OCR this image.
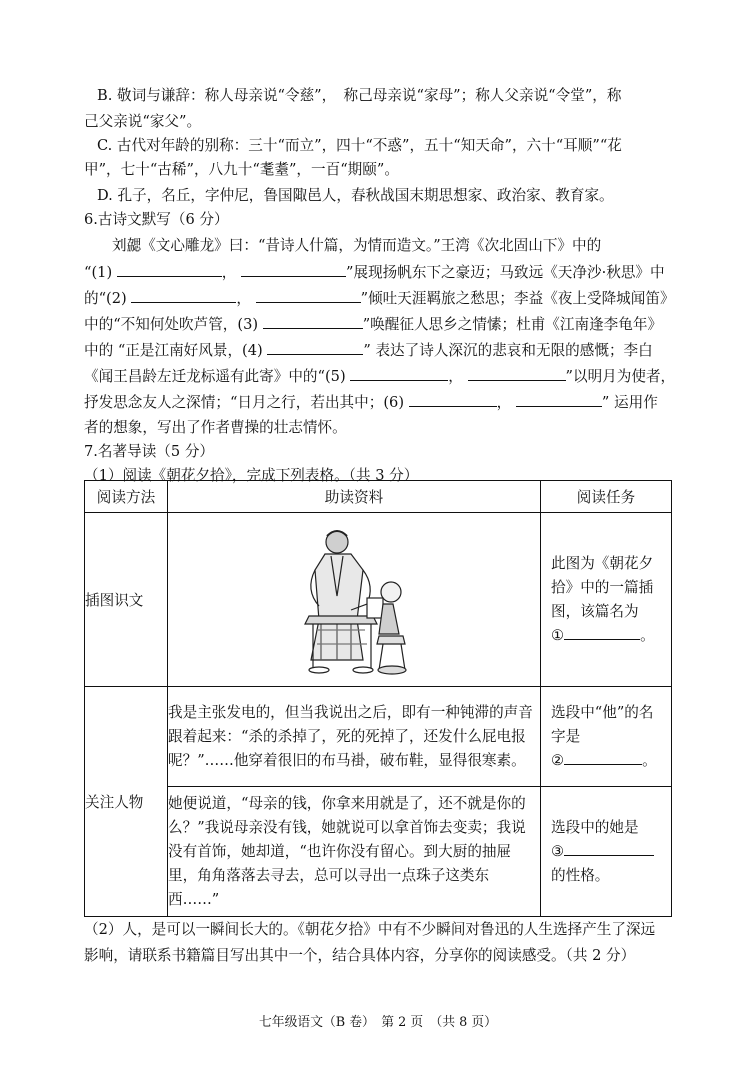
B. 敬词与谦辞：称人母亲说“令慈”，　称己母亲说“家母”；称人父亲说“令堂”，称
己父亲说“家父”。
C. 古代对年龄的别称：三十“而立”，四十“不惑”，五十“知天命”，六十“耳顺”“花
甲”，七十“古稀”，八九十“耄耋”，一百“期颐”。
D. 孔子，名丘，字仲尼，鲁国陬邑人，春秋战国末期思想家、政治家、教育家。
6.古诗文默写（6 分）
刘勰《文心雕龙》曰：“昔诗人什篇，为情而造文。”王湾《次北固山下》中的
“(1)	，	”展现扬帆东下之豪迈；马致远《天净沙·秋思》中
的“(2)	，	”倾吐天涯羁旅之愁思；李益《夜上受降城闻笛》
中的“不知何处吹芦管，(3)	”唤醒征人思乡之情愫；杜甫《江南逢李龟年》
中的 “正是江南好风景，(4)	” 表达了诗人深沉的悲哀和无限的感慨；李白
《闻王昌龄左迁龙标遥有此寄》中的“(5)	，	”以明月为使者，
抒发思念友人之深情；“日月之行，若出其中；(6)	，	” 运用作
者的想象，写出了作者曹操的壮志情怀。
7.名著导读（5 分）
（1）阅读《朝花夕拾》，完成下列表格。（共 3 分）
阅读方法	助读资料	阅读任务
插图识文		此图为《朝花夕
拾》中的一篇插
图，该篇名为
① 。

关注人物	我是主张发电的，但当我说出之后，即有一种钝滞的声音跟着起来：“杀的杀掉了，死的死掉了，还发什么屁电报呢？”……他穿着很旧的布马褂，破布鞋，显得很寒素。	选段中“他”的名
字是
② 。

	她便说道，“母亲的钱，你拿来用就是了，还不就是你的么？”我说母亲没有钱，她就说可以拿首饰去变卖；我说没有首饰，她却道，“也许你没有留心。到大厨的抽屉里，角角落落去寻去，总可以寻出一点珠子这类东西……”	选段中的她是
③
的性格。
（2）人，是可以一瞬间长大的。《朝花夕拾》中有不少瞬间对鲁迅的人生选择产生了深远
影响，请联系书籍篇目写出其中一个，结合具体内容，分享你的阅读感受。（共 2 分）
七年级语文（B 卷）　第 2 页　（共 8 页）
